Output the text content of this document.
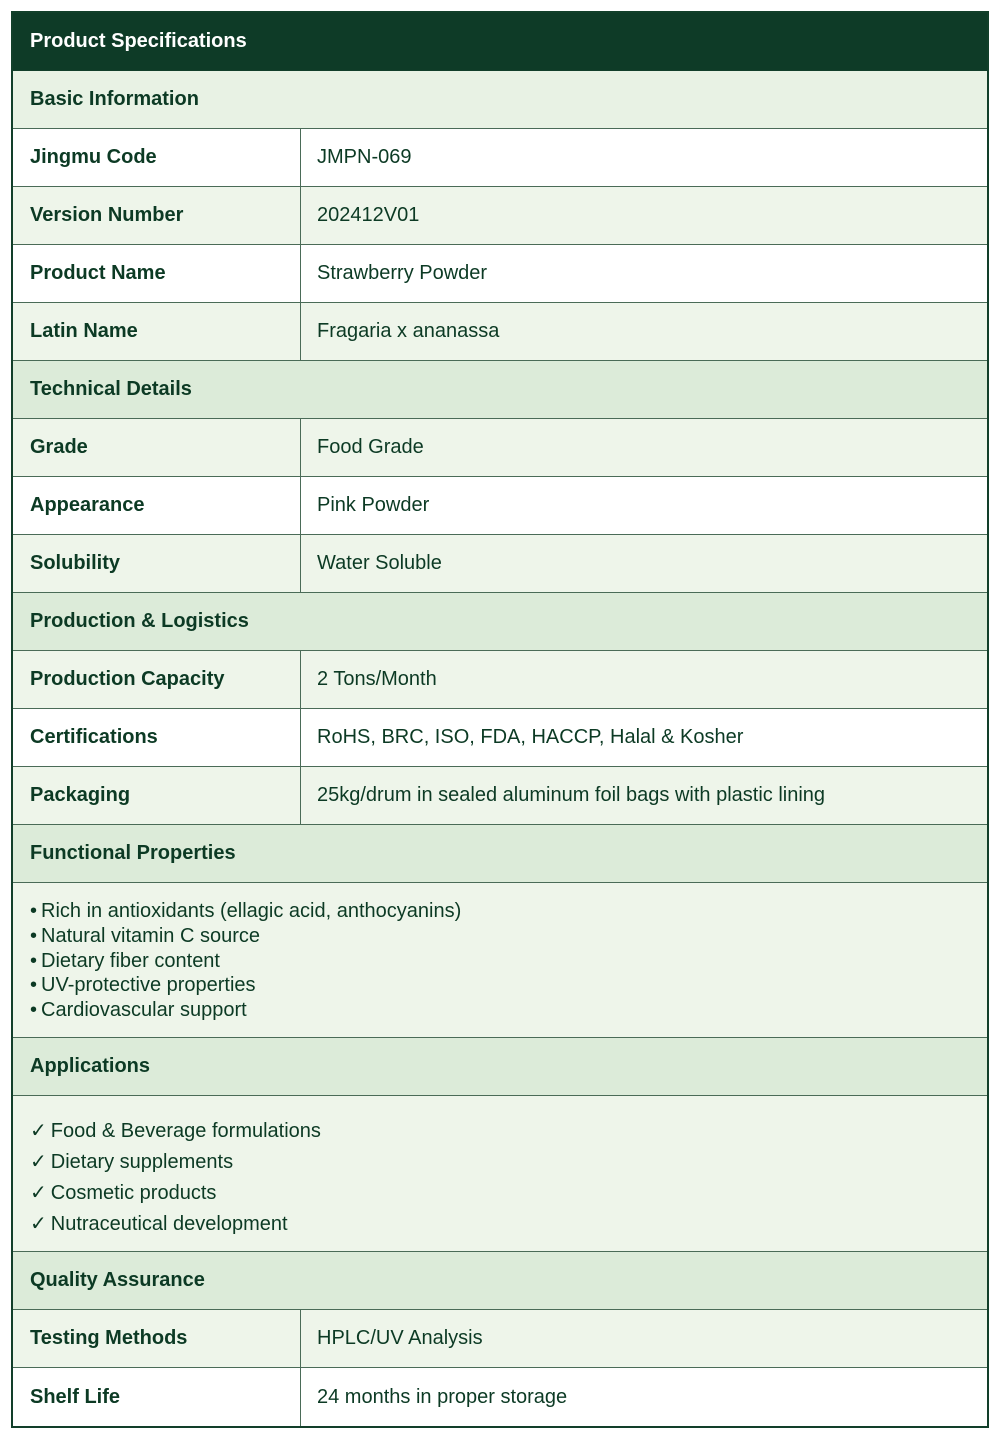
Product Specifications
Basic Information
Jingmu Code	JMPN-069
Version Number	202412V01
Product Name	Strawberry Powder
Latin Name	Fragaria x ananassa
Technical Details
Grade	Food Grade
Appearance	Pink Powder
Solubility	Water Soluble
Production & Logistics
Production Capacity	2 Tons/Month
Certifications	RoHS, BRC, ISO, FDA, HACCP, Halal & Kosher
Packaging	25kg/drum in sealed aluminum foil bags with plastic lining
Functional Properties
• Rich in antioxidants (ellagic acid, anthocyanins)
• Natural vitamin C source
• Dietary fiber content
• UV-protective properties
• Cardiovascular support
Applications
✓ Food & Beverage formulations
✓ Dietary supplements
✓ Cosmetic products
✓ Nutraceutical development
Quality Assurance
Testing Methods	HPLC/UV Analysis
Shelf Life	24 months in proper storage
